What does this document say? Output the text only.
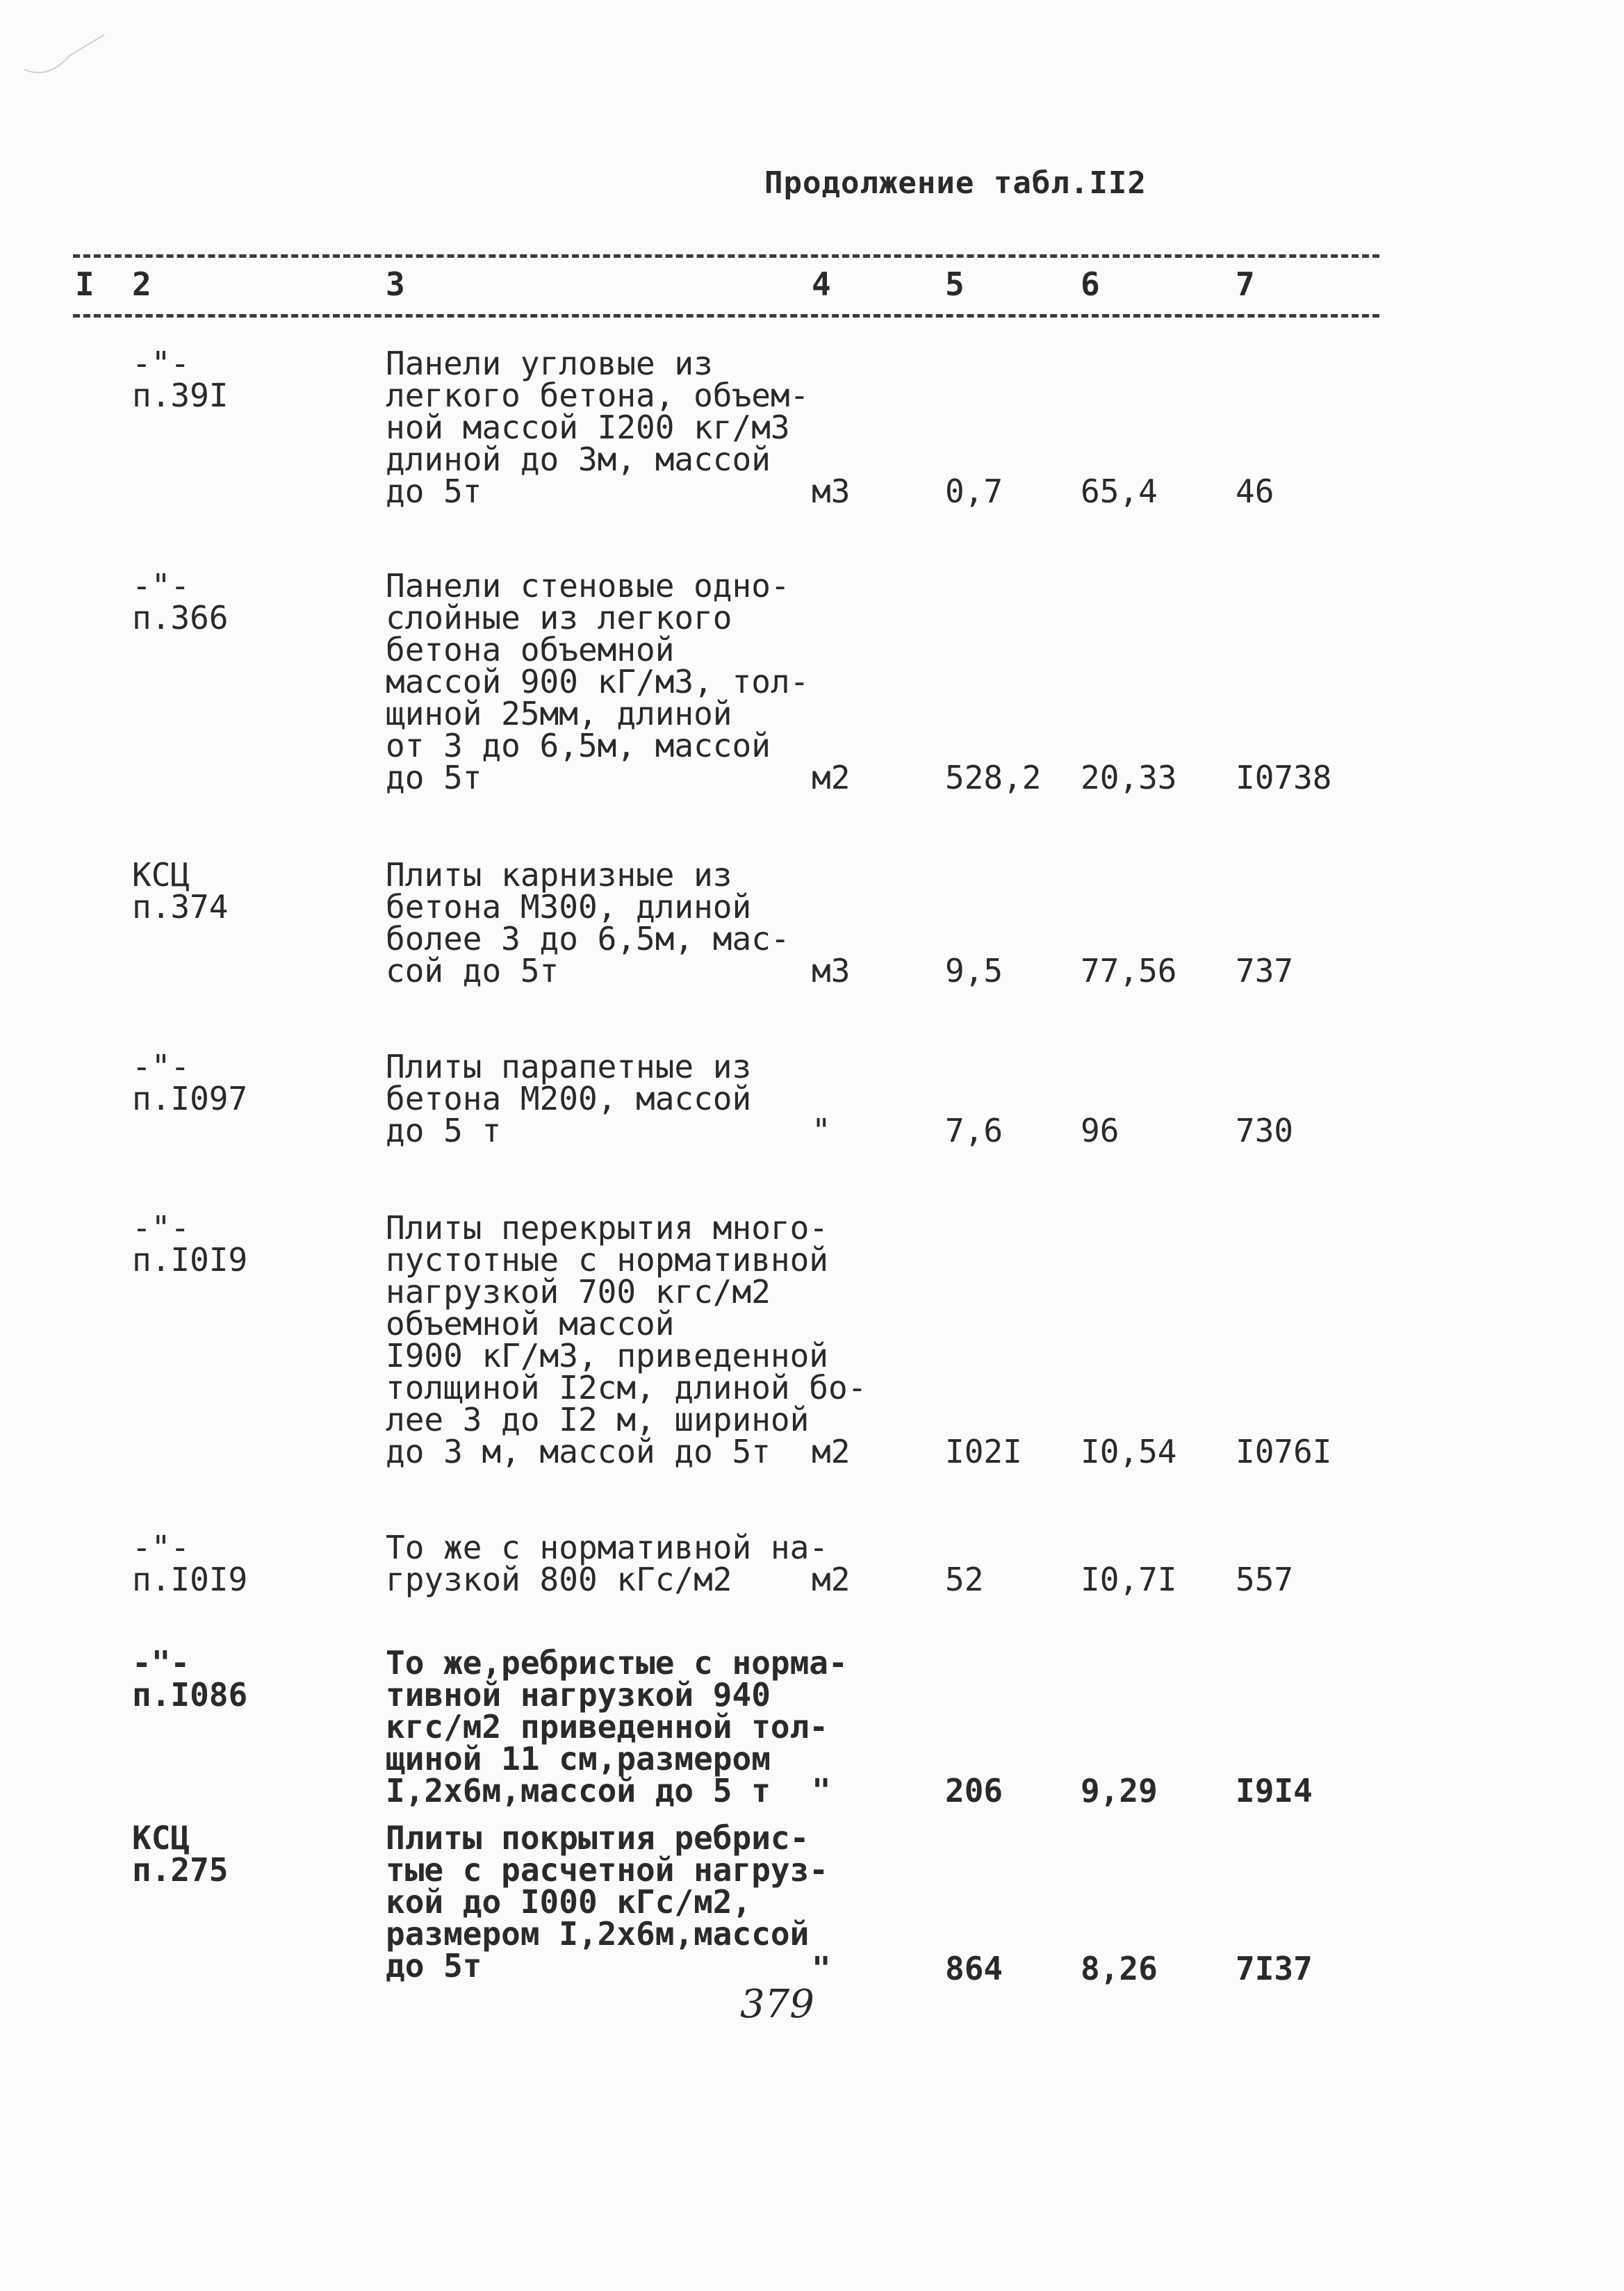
Продолжение табл.II2
I 2	3	4	5	6	7
-"-
п.39I
Панели угловые из
легкого бетона, объем-
ной массой I200 кг/м3
длиной до 3м, массой
до 5т	м3	0,7 65,4 46
-"-
п.366
Панели стеновые одно-
слойные из легкого
бетона объемной
массой 900 кГ/м3, тол-
щиной 25мм, длиной
от 3 до 6,5м, массой
до 5т	м2	528,2 20,33 I0738
КСЦ
п.374
Плиты карнизные из
бетона М300, длиной
более 3 до 6,5м, мас-
сой до 5т	м3	9,5 77,56 737
-"-
п.I097
Плиты парапетные из
бетона М200, массой
до 5 т	"	7,6 96	730
-"-
п.I0I9
Плиты перекрытия много-
пустотные с нормативной
нагрузкой 700 кгс/м2
объемной массой
I900 кГ/м3, приведенной
толщиной I2см, длиной бо-
лее 3 до I2 м, шириной
до 3 м, массой до 5т	м2	I02I I0,54 I076I
-"-
п.I0I9
То же с нормативной на-
грузкой 800 кГс/м2	м2	52	I0,7I 557
-"-
п.I086
То же,ребристые с норма-
тивной нагрузкой 940
кгс/м2 приведенной тол-
щиной 11 см,размером
I,2х6м,массой до 5 т	"	206 9,29 I9I4
КСЦ
п.275
Плиты покрытия ребрис-
тые с расчетной нагруз-
кой до I000 кГс/м2,
размером I,2х6м,массой
до 5т	"	864 8,26 7I37
379
